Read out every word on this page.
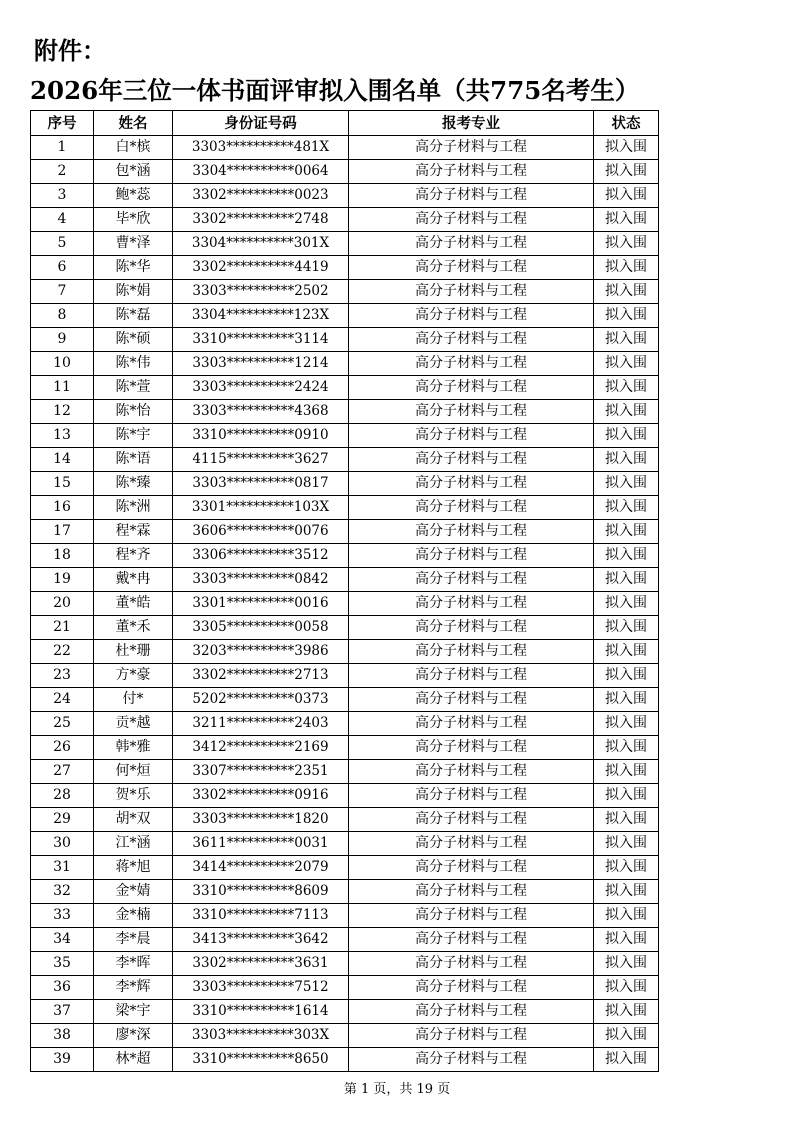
附件：
2026年三位一体书面评审拟入围名单（共775名考生）
序号	姓名	身份证号码	报考专业	状态
1	白*槟	3303**********481X	高分子材料与工程	拟入围
2	包*涵	3304**********0064	高分子材料与工程	拟入围
3	鲍*蕊	3302**********0023	高分子材料与工程	拟入围
4	毕*欣	3302**********2748	高分子材料与工程	拟入围
5	曹*泽	3304**********301X	高分子材料与工程	拟入围
6	陈*华	3302**********4419	高分子材料与工程	拟入围
7	陈*娟	3303**********2502	高分子材料与工程	拟入围
8	陈*磊	3304**********123X	高分子材料与工程	拟入围
9	陈*硕	3310**********3114	高分子材料与工程	拟入围
10	陈*伟	3303**********1214	高分子材料与工程	拟入围
11	陈*萱	3303**********2424	高分子材料与工程	拟入围
12	陈*怡	3303**********4368	高分子材料与工程	拟入围
13	陈*宇	3310**********0910	高分子材料与工程	拟入围
14	陈*语	4115**********3627	高分子材料与工程	拟入围
15	陈*臻	3303**********0817	高分子材料与工程	拟入围
16	陈*洲	3301**********103X	高分子材料与工程	拟入围
17	程*霖	3606**********0076	高分子材料与工程	拟入围
18	程*齐	3306**********3512	高分子材料与工程	拟入围
19	戴*冉	3303**********0842	高分子材料与工程	拟入围
20	董*皓	3301**********0016	高分子材料与工程	拟入围
21	董*禾	3305**********0058	高分子材料与工程	拟入围
22	杜*珊	3203**********3986	高分子材料与工程	拟入围
23	方*豪	3302**********2713	高分子材料与工程	拟入围
24	付*	5202**********0373	高分子材料与工程	拟入围
25	贡*越	3211**********2403	高分子材料与工程	拟入围
26	韩*雅	3412**********2169	高分子材料与工程	拟入围
27	何*烜	3307**********2351	高分子材料与工程	拟入围
28	贺*乐	3302**********0916	高分子材料与工程	拟入围
29	胡*双	3303**********1820	高分子材料与工程	拟入围
30	江*涵	3611**********0031	高分子材料与工程	拟入围
31	蒋*旭	3414**********2079	高分子材料与工程	拟入围
32	金*婧	3310**********8609	高分子材料与工程	拟入围
33	金*楠	3310**********7113	高分子材料与工程	拟入围
34	李*晨	3413**********3642	高分子材料与工程	拟入围
35	李*晖	3302**********3631	高分子材料与工程	拟入围
36	李*辉	3303**********7512	高分子材料与工程	拟入围
37	梁*宇	3310**********1614	高分子材料与工程	拟入围
38	廖*深	3303**********303X	高分子材料与工程	拟入围
39	林*超	3310**********8650	高分子材料与工程	拟入围
第 1 页，共 19 页
